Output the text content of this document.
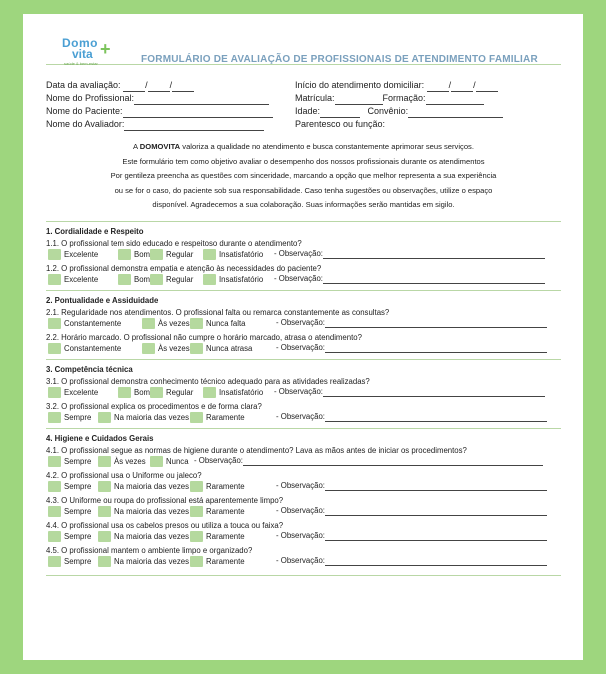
Domo
vita +
saúde & bem-estar	FORMULÁRIO DE AVALIAÇÃO DE PROFISSIONAIS DE ATENDIMENTO FAMILIAR
Data da avaliação:	/ /	Início do atendimento domiciliar:	/ /
Nome do Profissional:	Matrícula:	Formação:
Nome do Paciente:	Idade:	Convênio:
Nome do Avaliador:	Parentesco ou função:
A DOMOVITA valoriza a qualidade no atendimento e busca constantemente aprimorar seus serviços.
Este formulário tem como objetivo avaliar o desempenho dos nossos profissionais durante os atendimentos
Por gentileza preencha as questões com sinceridade, marcando a opção que melhor representa a sua experiência
ou se for o caso, do paciente sob sua responsabilidade. Caso tenha sugestões ou observações, utilize o espaço
disponível. Agradecemos a sua colaboração. Suas informações serão mantidas em sigilo.
1. Cordialidade e Respeito
1.1. O profissional tem sido educado e respeitoso durante o atendimento?
Excelente	Bom Regular	Insatisfatório - Observação:
1.2. O profissional demonstra empatia e atenção às necessidades do paciente?
Excelente	Bom Regular	Insatisfatório - Observação:
2. Pontualidade e Assiduidade
2.1. Regularidade nos atendimentos. O profissional falta ou remarca constantemente as consultas?
Constantemente	Às vezes Nunca falta	- Observação:
2.2. Horário marcado. O profissional não cumpre o horário marcado, atrasa o atendimento?
Constantemente	Às vezes Nunca atrasa	- Observação:
3. Competência técnica
3.1. O profissional demonstra conhecimento técnico adequado para as atividades realizadas?
Excelente	Bom Regular	Insatisfatório - Observação:
3.2. O profissional explica os procedimentos e de forma clara?
Sempre	Na maioria das vezes Raramente	- Observação:
4. Higiene e Cuidados Gerais
4.1. O profissional segue as normas de higiene durante o atendimento? Lava as mãos antes de iniciar os procedimentos?
Sempre	Às vezes	Nunca - Observação:
4.2. O profissional usa o Uniforme ou jaleco?
Sempre	Na maioria das vezes Raramente	- Observação:
4.3. O Uniforme ou roupa do profissional está aparentemente limpo?
Sempre	Na maioria das vezes Raramente	- Observação:
4.4. O profissional usa os cabelos presos ou utiliza a touca ou faixa?
Sempre	Na maioria das vezes Raramente	- Observação:
4.5. O profissional mantem o ambiente limpo e organizado?
Sempre	Na maioria das vezes Raramente	- Observação:
